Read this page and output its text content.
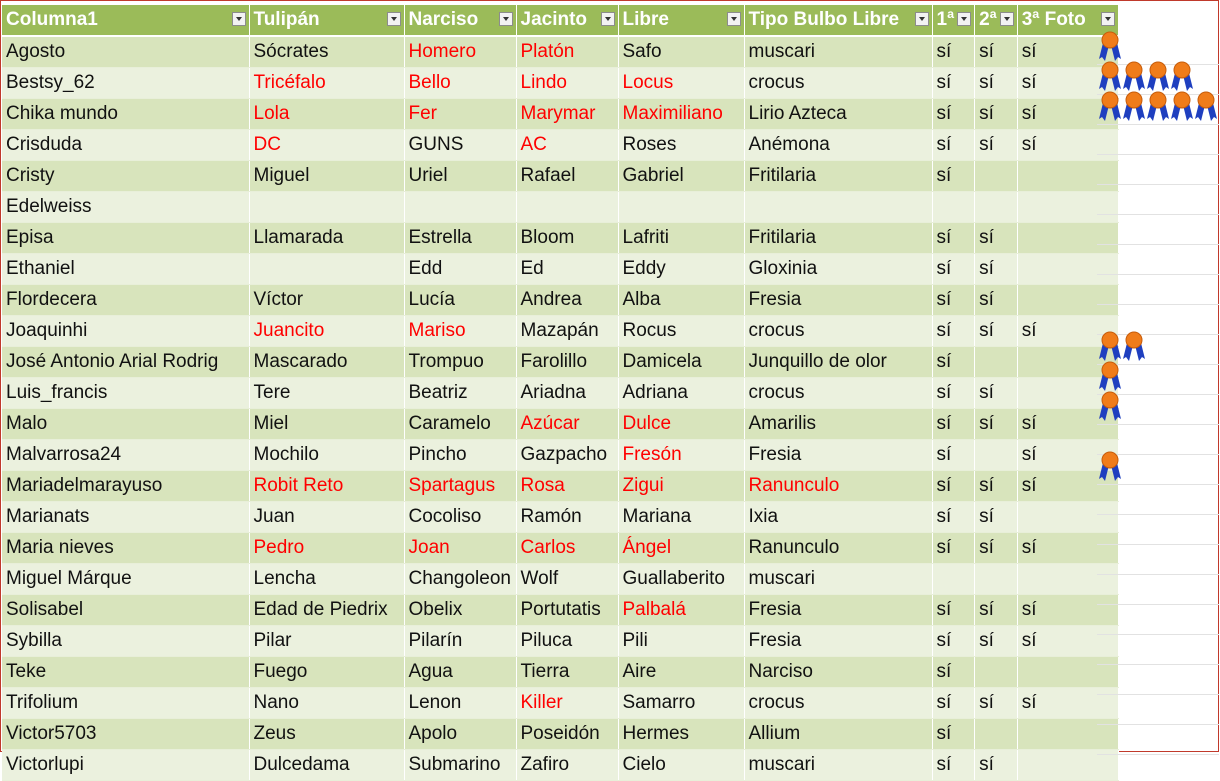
Columna1	Tulipán	Narciso	Jacinto	Libre	Tipo Bulbo Libre	1ª	2ª	3ª Foto

Agosto	Sócrates	Homero	Platón	Safo	muscari	sí	sí	sí
Bestsy_62	Tricéfalo	Bello	Lindo	Locus	crocus	sí	sí	sí
Chika mundo	Lola	Fer	Marymar	Maximiliano	Lirio Azteca	sí	sí	sí
Crisduda	DC	GUNS	AC	Roses	Anémona	sí	sí	sí
Cristy	Miguel	Uriel	Rafael	Gabriel	Fritilaria	sí		
Edelweiss								
Episa	Llamarada	Estrella	Bloom	Lafriti	Fritilaria	sí	sí	
Ethaniel		Edd	Ed	Eddy	Gloxinia	sí	sí	
Flordecera	Víctor	Lucía	Andrea	Alba	Fresia	sí	sí	
Joaquinhi	Juancito	Mariso	Mazapán	Rocus	crocus	sí	sí	sí
José Antonio Arial Rodrig	Mascarado	Trompuo	Farolillo	Damicela	Junquillo de olor	sí		
Luis_francis	Tere	Beatriz	Ariadna	Adriana	crocus	sí	sí	
Malo	Miel	Caramelo	Azúcar	Dulce	Amarilis	sí	sí	sí
Malvarrosa24	Mochilo	Pincho	Gazpacho	Fresón	Fresia	sí		sí
Mariadelmarayuso	Robit Reto	Spartagus	Rosa	Zigui	Ranunculo	sí	sí	sí
Marianats	Juan	Cocoliso	Ramón	Mariana	Ixia	sí	sí	
Maria nieves	Pedro	Joan	Carlos	Ángel	Ranunculo	sí	sí	sí
Miguel Márque	Lencha	Changoleon	Wolf	Guallaberito	muscari			
Solisabel	Edad de Piedrix	Obelix	Portutatis	Palbalá	Fresia	sí	sí	sí
Sybilla	Pilar	Pilarín	Piluca	Pili	Fresia	sí	sí	sí
Teke	Fuego	Agua	Tierra	Aire	Narciso	sí		
Trifolium	Nano	Lenon	Killer	Samarro	crocus	sí	sí	sí
Victor5703	Zeus	Apolo	Poseidón	Hermes	Allium	sí		
Victorlupi	Dulcedama	Submarino	Zafiro	Cielo	muscari	sí	sí	
